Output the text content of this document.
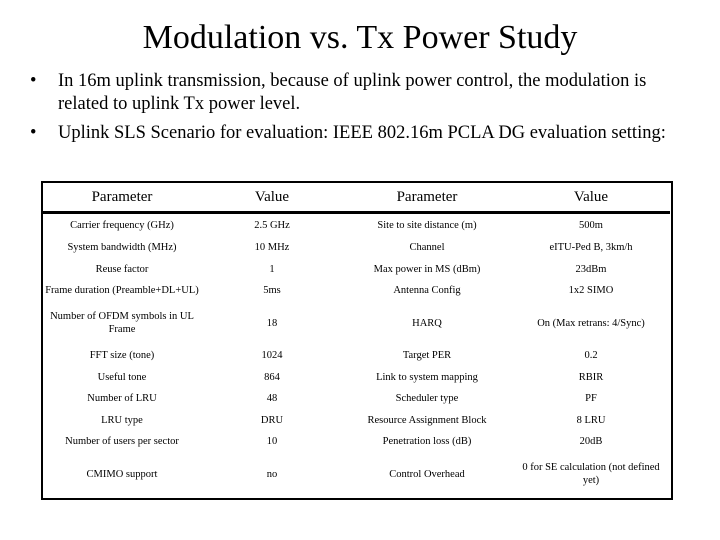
Modulation vs. Tx Power Study
• In 16m uplink transmission, because of uplink power control, the modulation is related to uplink Tx power level.
• Uplink SLS Scenario for evaluation: IEEE 802.16m PCLA DG evaluation setting:
Parameter	Value	Parameter	Value
Carrier frequency (GHz)	2.5 GHz	Site to site distance (m)	500m
System bandwidth (MHz)	10 MHz	Channel	eITU-Ped B, 3km/h
Reuse factor	1	Max power in MS (dBm)	23dBm
Frame duration (Preamble+DL+UL)	5ms	Antenna Config	1x2 SIMO
Number of OFDM symbols in UL Frame	18	HARQ	On (Max retrans: 4/Sync)
FFT size (tone)	1024	Target PER	0.2
Useful tone	864	Link to system mapping	RBIR
Number of LRU	48	Scheduler type	PF
LRU type	DRU	Resource Assignment Block	8 LRU
Number of users per sector	10	Penetration loss (dB)	20dB
CMIMO support	no	Control Overhead	0 for SE calculation (not defined yet)
